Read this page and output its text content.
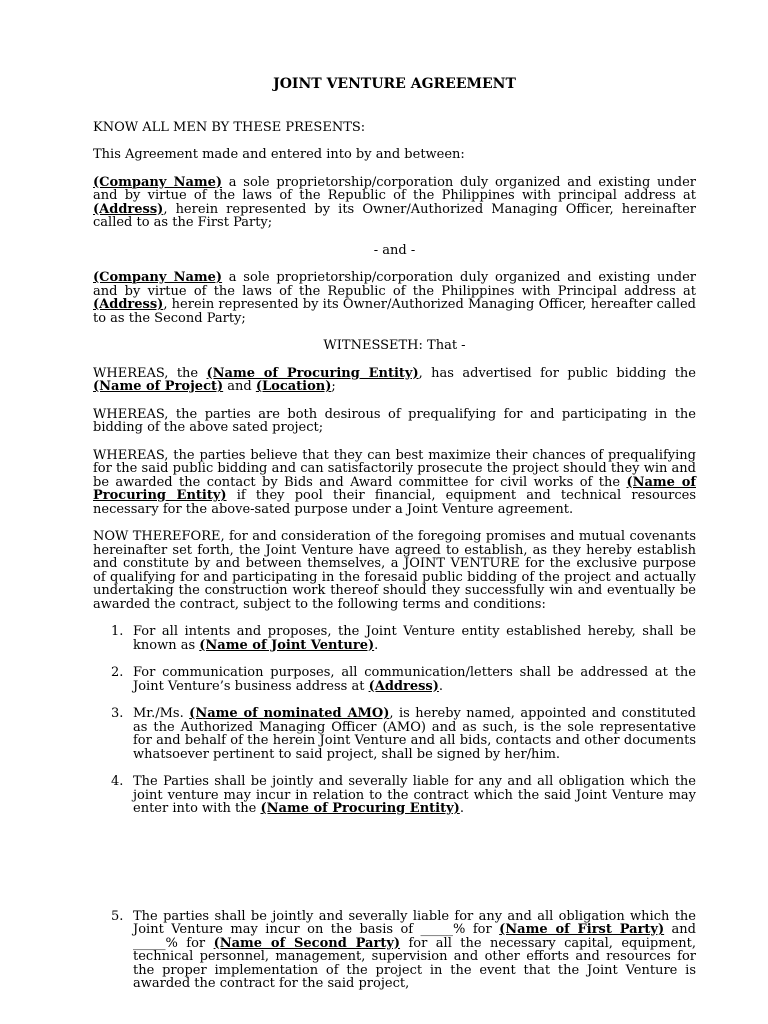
JOINT VENTURE AGREEMENT

KNOW ALL MEN BY THESE PRESENTS:

This Agreement made and entered into by and between:

(Company Name) a sole proprietorship/corporation duly organized and existing under and by virtue of the laws of the Republic of the Philippines with principal address at (Address), herein represented by its Owner/Authorized Managing Officer, hereinafter called to as the First Party;

- and -

(Company Name) a sole proprietorship/corporation duly organized and existing under and by virtue of the laws of the Republic of the Philippines with Principal address at (Address), herein represented by its Owner/Authorized Managing Officer, hereafter called to as the Second Party;

WITNESSETH: That -

WHEREAS, the (Name of Procuring Entity), has advertised for public bidding the (Name of Project) and (Location);

WHEREAS, the parties are both desirous of prequalifying for and participating in the bidding of the above sated project;

WHEREAS, the parties believe that they can best maximize their chances of prequalifying for the said public bidding and can satisfactorily prosecute the project should they win and be awarded the contact by Bids and Award committee for civil works of the (Name of Procuring Entity) if they pool their financial, equipment and technical resources necessary for the above-sated purpose under a Joint Venture agreement.

NOW THEREFORE, for and consideration of the foregoing promises and mutual covenants hereinafter set forth, the Joint Venture have agreed to establish, as they hereby establish and constitute by and between themselves, a JOINT VENTURE for the exclusive purpose of qualifying for and participating in the foresaid public bidding of the project and actually undertaking the construction work thereof should they successfully win and eventually be awarded the contract, subject to the following terms and conditions:

1. For all intents and proposes, the Joint Venture entity established hereby, shall be known as (Name of Joint Venture).
2. For communication purposes, all communication/letters shall be addressed at the Joint Venture’s business address at (Address).
3. Mr./Ms. (Name of nominated AMO), is hereby named, appointed and constituted as the Authorized Managing Officer (AMO) and as such, is the sole representative for and behalf of the herein Joint Venture and all bids, contacts and other documents whatsoever pertinent to said project, shall be signed by her/him.
4. The Parties shall be jointly and severally liable for any and all obligation which the joint venture may incur in relation to the contract which the said Joint Venture may enter into with the (Name of Procuring Entity).
5. The parties shall be jointly and severally liable for any and all obligation which the Joint Venture may incur on the basis of _____% for (Name of First Party) and _____% for (Name of Second Party) for all the necessary capital, equipment, technical personnel, management, supervision and other efforts and resources for the proper implementation of the project in the event that the Joint Venture is awarded the contract for the said project,
